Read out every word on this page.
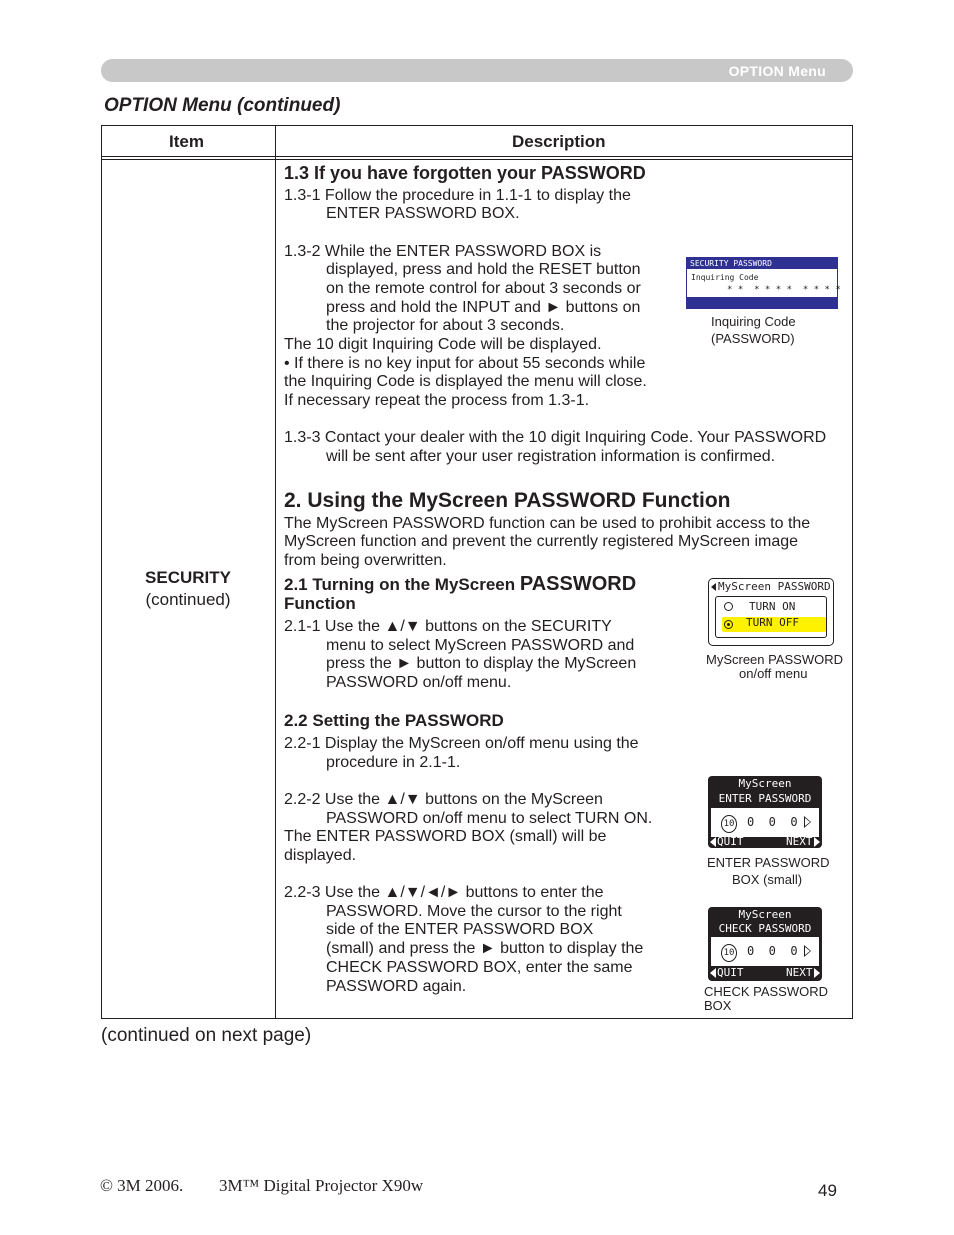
OPTION Menu
OPTION Menu (continued)
Item	Description
SECURITY
(continued)
1.3 If you have forgotten your PASSWORD
1.3-1 Follow the procedure in 1.1-1 to display the
ENTER PASSWORD BOX.
1.3-2 While the ENTER PASSWORD BOX is
displayed, press and hold the RESET button
on the remote control for about 3 seconds or
press and hold the INPUT and ► buttons on
the projector for about 3 seconds.
The 10 digit Inquiring Code will be displayed.
• If there is no key input for about 55 seconds while
the Inquiring Code is displayed the menu will close.
If necessary repeat the process from 1.3-1.
1.3-3 Contact your dealer with the 10 digit Inquiring Code. Your PASSWORD
will be sent after your user registration information is confirmed.
SECURITY PASSWORD
Inquiring Code
* *  * * * *  * * * *
Inquiring Code
(PASSWORD)
2. Using the MyScreen PASSWORD Function
The MyScreen PASSWORD function can be used to prohibit access to the
MyScreen function and prevent the currently registered MyScreen image
from being overwritten.
2.1 Turning on the MyScreen PASSWORD
Function
2.1-1 Use the ▲/▼ buttons on the SECURITY
menu to select MyScreen PASSWORD and
press the ► button to display the MyScreen
PASSWORD on/off menu.
MyScreen PASSWORD
TURN ON
TURN OFF
MyScreen PASSWORD
on/off menu
2.2 Setting the PASSWORD
2.2-1 Display the MyScreen on/off menu using the
procedure in 2.1-1.
2.2-2 Use the ▲/▼ buttons on the MyScreen
PASSWORD on/off menu to select TURN ON.
The ENTER PASSWORD BOX (small) will be
displayed.
2.2-3 Use the ▲/▼/◄/► buttons to enter the
PASSWORD. Move the cursor to the right
side of the ENTER PASSWORD BOX
(small) and press the ► button to display the
CHECK PASSWORD BOX, enter the same
PASSWORD again.
MyScreen
ENTER PASSWORD
10 0  0  0
QUIT	NEXT
ENTER PASSWORD
BOX (small)
MyScreen
CHECK PASSWORD
10 0  0  0
QUIT	NEXT
CHECK PASSWORD
BOX
(continued on next page)
© 3M 2006. 3M™ Digital Projector X90w	49
